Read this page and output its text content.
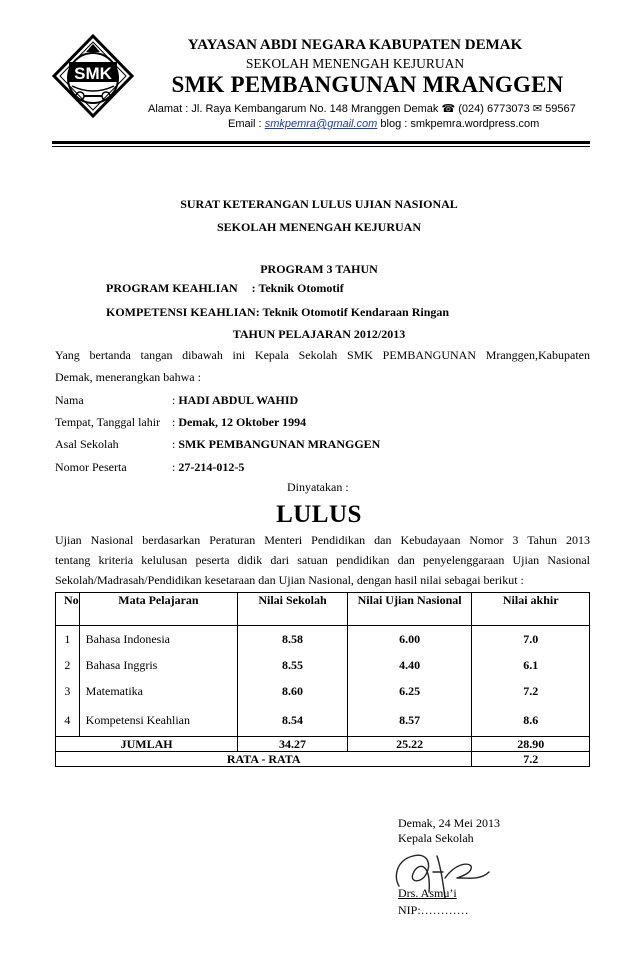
SMK
YAYASAN ABDI NEGARA KABUPATEN DEMAK
SEKOLAH MENENGAH KEJURUAN
SMK PEMBANGUNAN MRANGGEN
Alamat : Jl. Raya Kembangarum No. 148 Mranggen Demak ☎ (024) 6773073 ✉ 59567
Email : smkpemra@gmail.com blog : smkpemra.wordpress.com
SURAT KETERANGAN LULUS UJIAN NASIONAL
SEKOLAH MENENGAH KEJURUAN
PROGRAM 3 TAHUN
PROGRAM KEAHLIAN : Teknik Otomotif
KOMPETENSI KEAHLIAN: Teknik Otomotif Kendaraan Ringan
TAHUN PELAJARAN 2012/2013
Yang bertanda tangan dibawah ini Kepala Sekolah SMK PEMBANGUNAN Mranggen,Kabupaten
Demak, menerangkan bahwa :
Nama	: HADI ABDUL WAHID
Tempat, Tanggal lahir : Demak, 12 Oktober 1994
Asal Sekolah	: SMK PEMBANGUNAN MRANGGEN
Nomor Peserta	: 27-214-012-5
Dinyatakan :
LULUS
Ujian Nasional berdasarkan Peraturan Menteri Pendidikan dan Kebudayaan Nomor 3 Tahun 2013
tentang kriteria kelulusan peserta didik dari satuan pendidikan dan penyelenggaraan Ujian Nasional
Sekolah/Madrasah/Pendidikan kesetaraan dan Ujian Nasional, dengan hasil nilai sebagai berikut :
No	Mata Pelajaran	Nilai Sekolah	Nilai Ujian Nasional	Nilai akhir
1	Bahasa Indonesia	8.58	6.00	7.0
2	Bahasa Inggris	8.55	4.40	6.1
3	Matematika	8.60	6.25	7.2
4	Kompetensi Keahlian	8.54	8.57	8.6
JUMLAH		34.27	25.22	28.90
RATA - RATA				7.2
Demak, 24 Mei 2013
Kepala Sekolah
Drs. Asmu’i
NIP:…………
